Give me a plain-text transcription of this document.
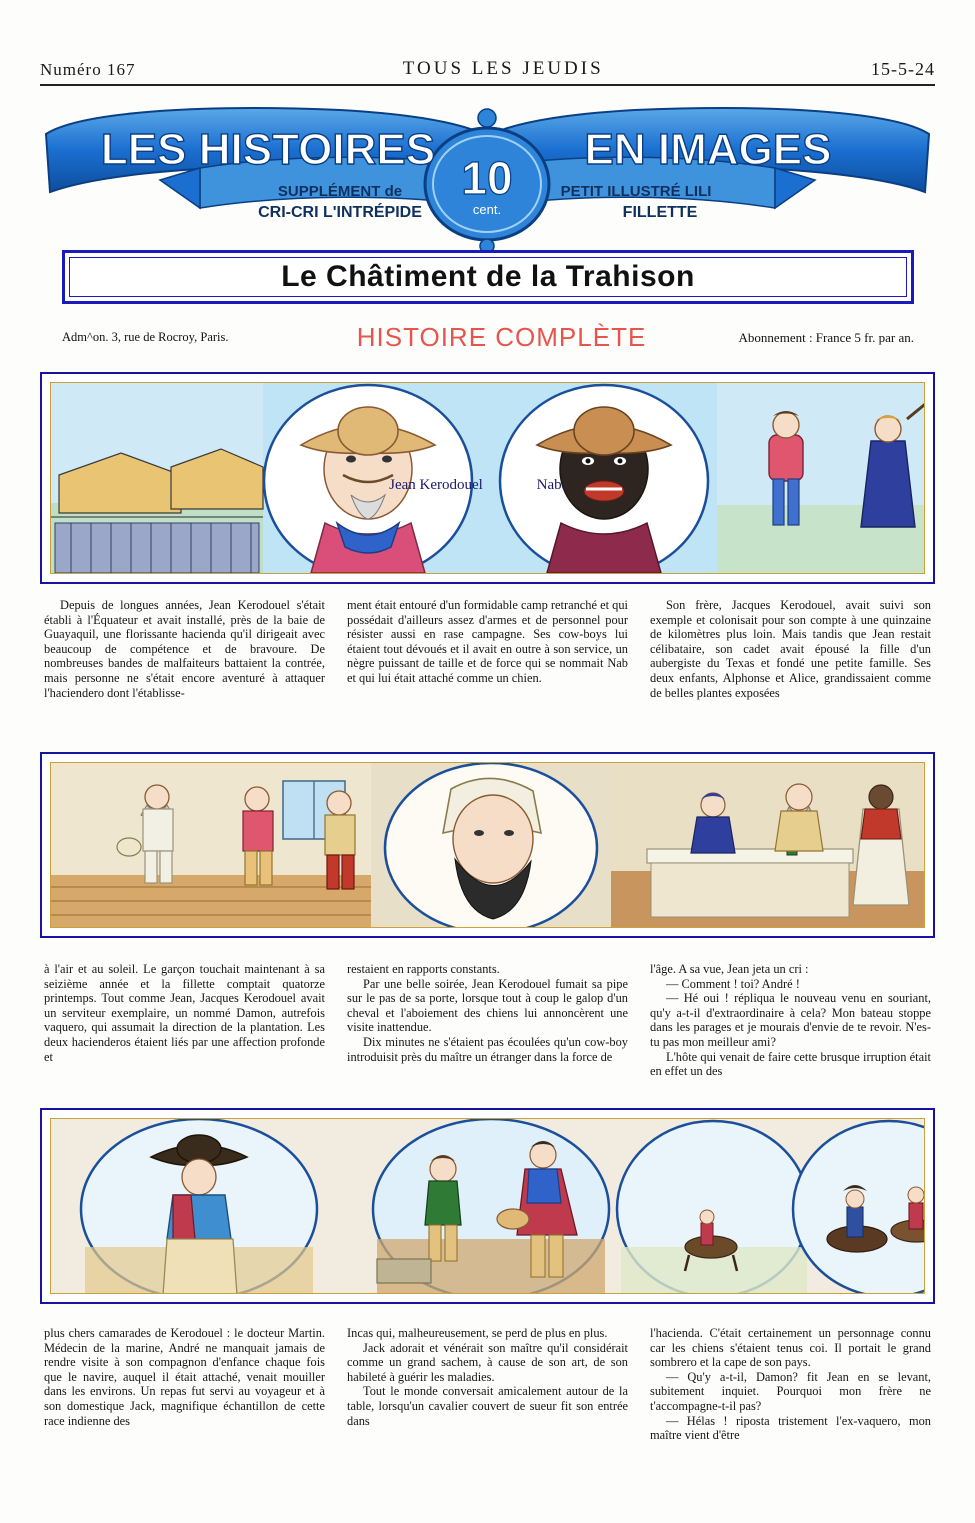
Numéro 167	TOUS LES JEUDIS	15-5-24
LES HISTOIRES	EN IMAGES
SUPPLÉMENT de
CRI-CRI L'INTRÉPIDE
PETIT ILLUSTRÉ LILI
FILLETTE
10
cent.
Le Châtiment de la Trahison
Adm^on. 3, rue de Rocroy, Paris.	HISTOIRE COMPLÈTE	Abonnement : France 5 fr. par an.
Jean Kerodouel	Nab.

Depuis de longues années, Jean Kerodouel s'était établi à l'Équateur et avait installé, près de la baie de Guayaquil, une florissante hacienda qu'il dirigeait avec beaucoup de compétence et de bravoure. De nombreuses bandes de malfaiteurs battaient la contrée, mais personne ne s'était encore aventuré à attaquer l'haciendero dont l'établisse-

ment était entouré d'un formidable camp retranché et qui possédait d'ailleurs assez d'armes et de personnel pour résister aussi en rase campagne. Ses cow-boys lui étaient tout dévoués et il avait en outre à son service, un nègre puissant de taille et de force qui se nommait Nab et qui lui était attaché comme un chien.

Son frère, Jacques Kerodouel, avait suivi son exemple et colonisait pour son compte à une quinzaine de kilomètres plus loin. Mais tandis que Jean restait célibataire, son cadet avait épousé la fille d'un aubergiste du Texas et fondé une petite famille. Ses deux enfants, Alphonse et Alice, grandissaient comme de belles plantes exposées

à l'air et au soleil. Le garçon touchait maintenant à sa seizième année et la fillette comptait quatorze printemps. Tout comme Jean, Jacques Kerodouel avait un serviteur exemplaire, un nommé Damon, autrefois vaquero, qui assumait la direction de la plantation. Les deux hacienderos étaient liés par une affection profonde et

restaient en rapports constants.

Par une belle soirée, Jean Kerodouel fumait sa pipe sur le pas de sa porte, lorsque tout à coup le galop d'un cheval et l'aboiement des chiens lui annoncèrent une visite inattendue.

Dix minutes ne s'étaient pas écoulées qu'un cow-boy introduisit près du maître un étranger dans la force de

l'âge. A sa vue, Jean jeta un cri :

— Comment ! toi? André !

— Hé oui ! répliqua le nouveau venu en souriant, qu'y a-t-il d'extraordinaire à cela? Mon bateau stoppe dans les parages et je mourais d'envie de te revoir. N'es-tu pas mon meilleur ami?

L'hôte qui venait de faire cette brusque irruption était en effet un des

plus chers camarades de Kerodouel : le docteur Martin. Médecin de la marine, André ne manquait jamais de rendre visite à son compagnon d'enfance chaque fois que le navire, auquel il était attaché, venait mouiller dans les environs. Un repas fut servi au voyageur et à son domestique Jack, magnifique échantillon de cette race indienne des

Incas qui, malheureusement, se perd de plus en plus.

Jack adorait et vénérait son maître qu'il considérait comme un grand sachem, à cause de son art, de son habileté à guérir les maladies.

Tout le monde conversait amicalement autour de la table, lorsqu'un cavalier couvert de sueur fit son entrée dans

l'hacienda. C'était certainement un personnage connu car les chiens s'étaient tenus coi. Il portait le grand sombrero et la cape de son pays.

— Qu'y a-t-il, Damon? fit Jean en se levant, subitement inquiet. Pourquoi mon frère ne t'accompagne-t-il pas?

— Hélas ! riposta tristement l'ex-vaquero, mon maître vient d'être
